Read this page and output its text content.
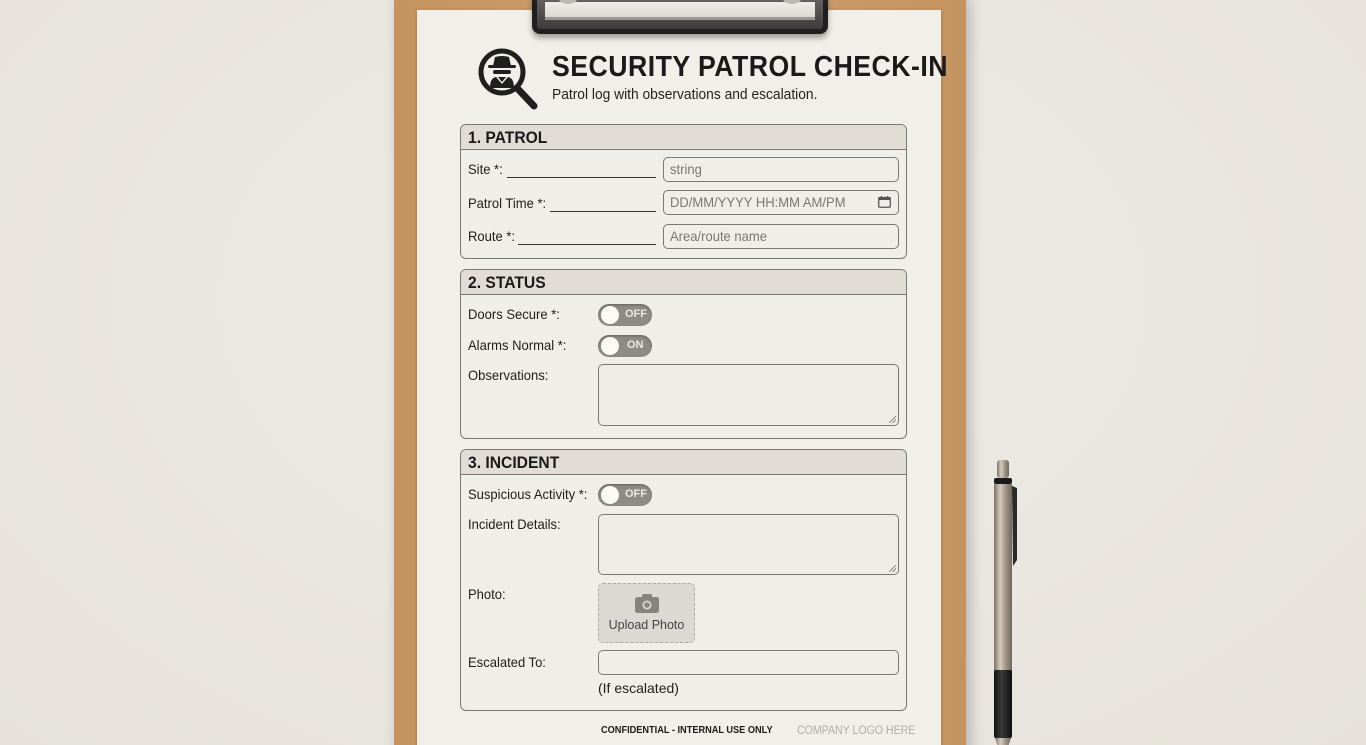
SECURITY PATROL CHECK-IN
Patrol log with observations and escalation.
1. PATROL
Site *:	string
Patrol Time *:	DD/MM/YYYY HH:MM AM/PM
Route *:	Area/route name
2. STATUS
Doors Secure *:	OFF
Alarms Normal *:	ON
Observations:
3. INCIDENT
Suspicious Activity *:	OFF
Incident Details:
Photo:
Upload Photo
Escalated To:
(If escalated)
CONFIDENTIAL - INTERNAL USE ONLY COMPANY LOGO HERE
